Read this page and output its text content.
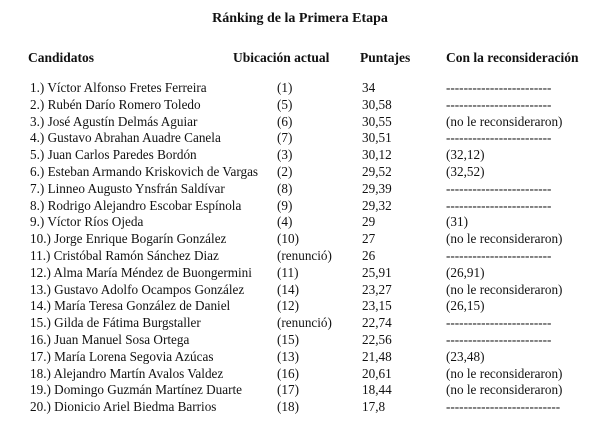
Ránking de la Primera Etapa
Candidatos	Ubicación actual Puntajes	Con la reconsideración
1.) Víctor Alfonso Fretes Ferreira	(1)	34	------------------------
2.) Rubén Darío Romero Toledo	(5)	30,58	------------------------
3.) José Agustín Delmás Aguiar	(6)	30,55	(no le reconsideraron)
4.) Gustavo Abrahan Auadre Canela	(7)	30,51	------------------------
5.) Juan Carlos Paredes Bordón	(3)	30,12	(32,12)
6.) Esteban Armando Kriskovich de Vargas (2)	29,52	(32,52)
7.) Linneo Augusto Ynsfrán Saldívar	(8)	29,39	------------------------
8.) Rodrigo Alejandro Escobar Espínola	(9)	29,32	------------------------
9.) Víctor Ríos Ojeda	(4)	29	(31)
10.) Jorge Enrique Bogarín González	(10)	27	(no le reconsideraron)
11.) Cristóbal Ramón Sánchez Diaz	(renunció) 26	------------------------
12.) Alma María Méndez de Buongermini (11)	25,91	(26,91)
13.) Gustavo Adolfo Ocampos González (14)	23,27	(no le reconsideraron)
14.) María Teresa González de Daniel	(12)	23,15	(26,15)
15.) Gilda de Fátima Burgstaller	(renunció) 22,74	------------------------
16.) Juan Manuel Sosa Ortega	(15)	22,56	------------------------
17.) María Lorena Segovia Azúcas	(13)	21,48	(23,48)
18.) Alejandro Martín Avalos Valdez	(16)	20,61	(no le reconsideraron)
19.) Domingo Guzmán Martínez Duarte	(17)	18,44	(no le reconsideraron)
20.) Dionicio Ariel Biedma Barrios	(18)	17,8	--------------------------
